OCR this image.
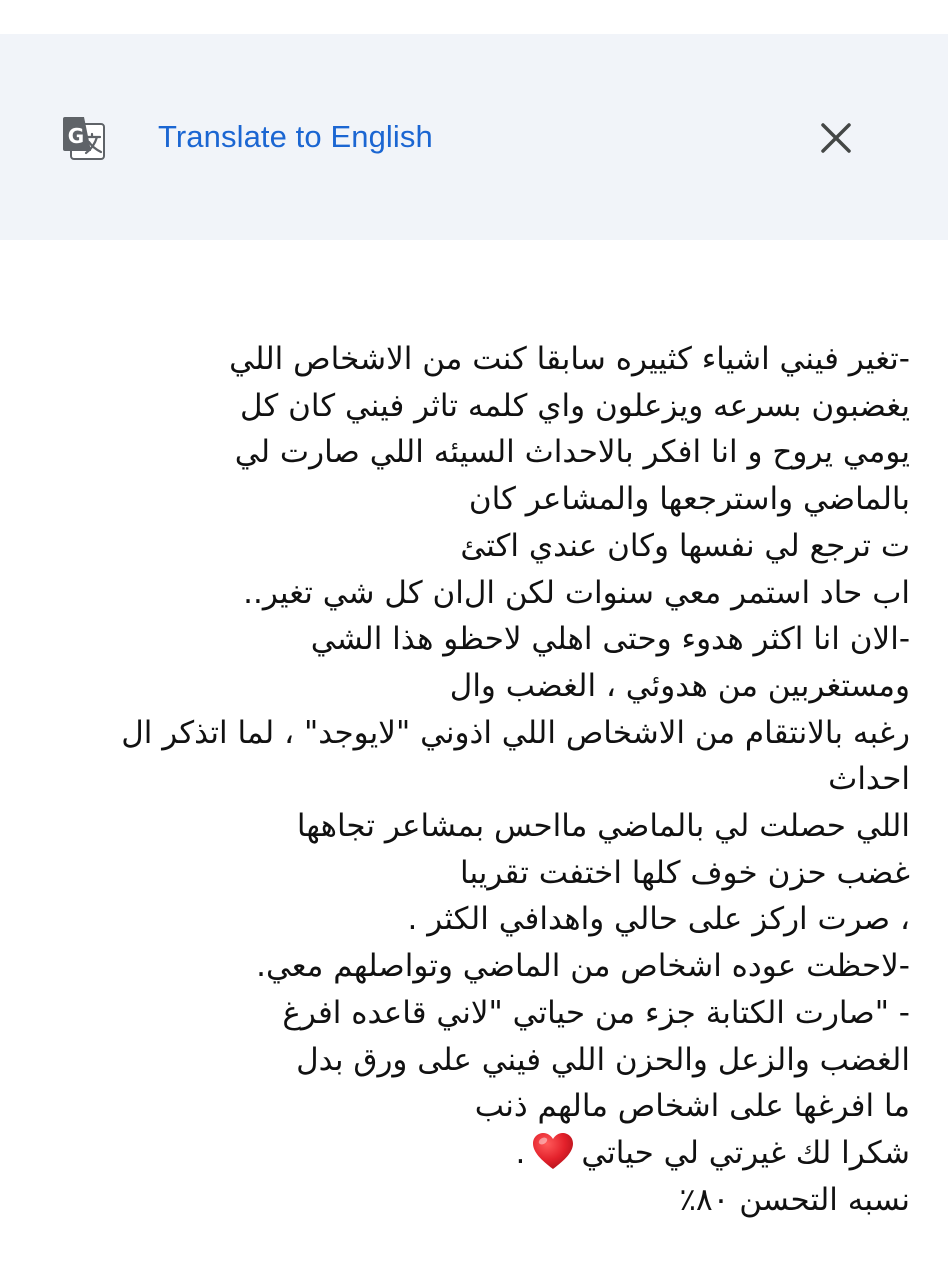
G Translate to English
-تغير فيني اشياء كثييره سابقا كنت من الاشخاص اللي
يغضبون بسرعه ويزعلون واي كلمه تاثر فيني كان كل
يومي يروح و انا افكر بالاحداث السيئه اللي صارت لي
بالماضي واسترجعها والمشاعر كان
ت ترجع لي نفسها وكان عندي اكتئ
اب حاد استمر معي سنوات لكن ال‌ان كل شي تغير..
-الان انا اكثر هدوء وحتى اهلي لاحظو هذا الشي
ومستغربين من هدوئي ، الغضب وال
رغبه بالانتقام من الاشخاص اللي اذوني "لايوجد" ، لما اتذكر ال
احداث
اللي حصلت لي بالماضي مااحس بمشاعر تجاهها
غضب حزن خوف كلها اختفت تقريبا
، صرت اركز على حالي واهدافي الكثر .
-لاحظت عوده اشخاص من الماضي وتواصلهم معي.
- "صارت الكتابة جزء من حياتي "لاني قاعده افرغ
الغضب والزعل والحزن اللي فيني على ورق بدل
ما افرغها على اشخاص مالهم ذنب
شكرا لك غيرتي لي حياتي.
نسبه التحسن ٨٠٪
